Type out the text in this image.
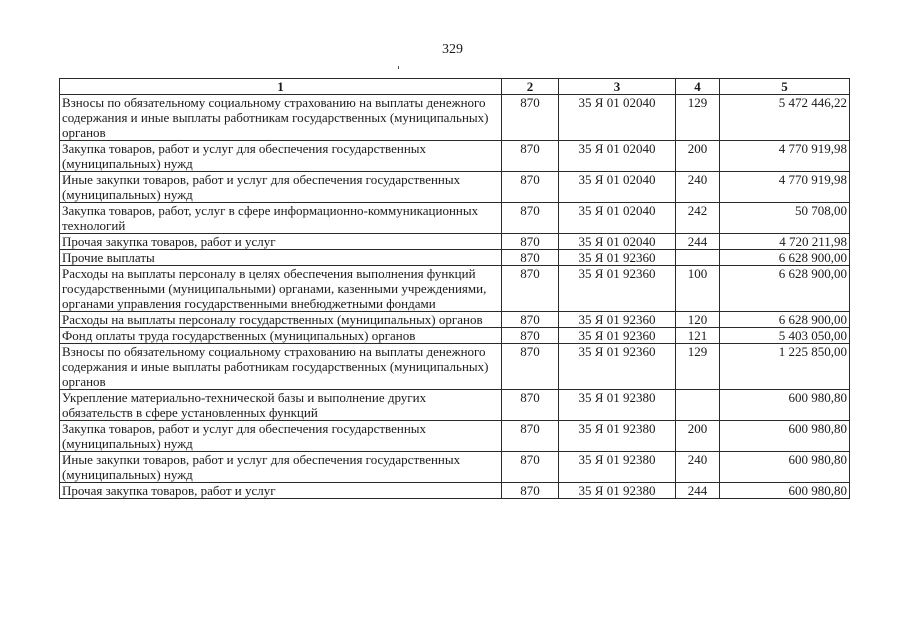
329
1	2	3	4	5
Взносы по обязательному социальному страхованию на выплаты денежного содержания и иные выплаты работникам государственных (муниципальных) органов	870	35 Я 01 02040	129	5 472 446,22
Закупка товаров, работ и услуг для обеспечения государственных (муниципальных) нужд	870	35 Я 01 02040	200	4 770 919,98
Иные закупки товаров, работ и услуг для обеспечения государственных (муниципальных) нужд	870	35 Я 01 02040	240	4 770 919,98
Закупка товаров, работ, услуг в сфере информационно-коммуникационных технологий	870	35 Я 01 02040	242	50 708,00
Прочая закупка товаров, работ и услуг	870	35 Я 01 02040	244	4 720 211,98
Прочие выплаты	870	35 Я 01 92360		6 628 900,00
Расходы на выплаты персоналу в целях обеспечения выполнения функций государственными (муниципальными) органами, казенными учреждениями, органами управления государственными внебюджетными фондами	870	35 Я 01 92360	100	6 628 900,00
Расходы на выплаты персоналу государственных (муниципальных) органов	870	35 Я 01 92360	120	6 628 900,00
Фонд оплаты труда государственных (муниципальных) органов	870	35 Я 01 92360	121	5 403 050,00
Взносы по обязательному социальному страхованию на выплаты денежного содержания и иные выплаты работникам государственных (муниципальных) органов	870	35 Я 01 92360	129	1 225 850,00
Укрепление материально-технической базы и выполнение других обязательств в сфере установленных функций	870	35 Я 01 92380		600 980,80
Закупка товаров, работ и услуг для обеспечения государственных (муниципальных) нужд	870	35 Я 01 92380	200	600 980,80
Иные закупки товаров, работ и услуг для обеспечения государственных (муниципальных) нужд	870	35 Я 01 92380	240	600 980,80
Прочая закупка товаров, работ и услуг	870	35 Я 01 92380	244	600 980,80
